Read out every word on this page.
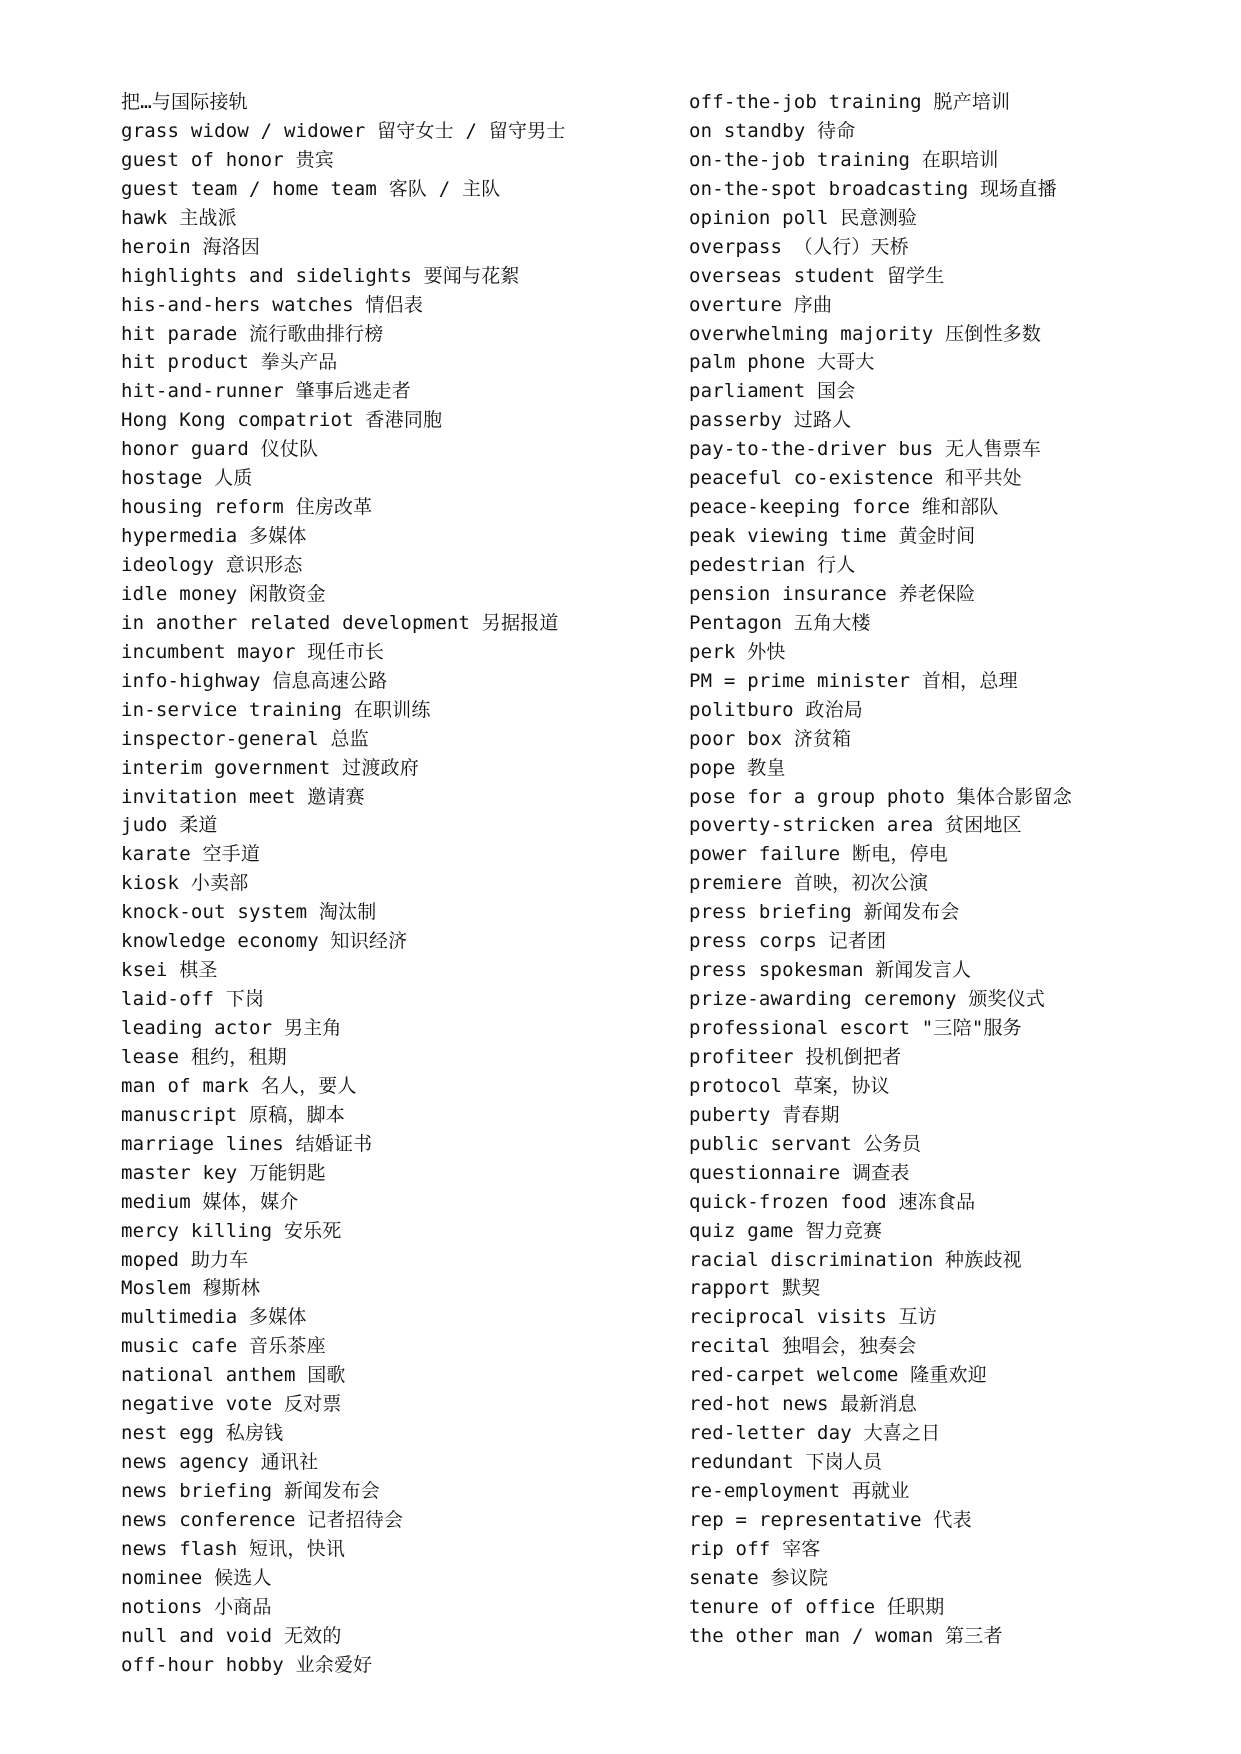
把…与国际接轨
grass widow / widower 留守女士 / 留守男士
guest of honor 贵宾
guest team / home team 客队 / 主队
hawk 主战派
heroin 海洛因
highlights and sidelights 要闻与花絮
his-and-hers watches 情侣表
hit parade 流行歌曲排行榜
hit product 拳头产品
hit-and-runner 肇事后逃走者
Hong Kong compatriot 香港同胞
honor guard 仪仗队
hostage 人质
housing reform 住房改革
hypermedia 多媒体
ideology 意识形态
idle money 闲散资金
in another related development 另据报道
incumbent mayor 现任市长
info-highway 信息高速公路
in-service training 在职训练
inspector-general 总监
interim government 过渡政府
invitation meet 邀请赛
judo 柔道
karate 空手道
kiosk 小卖部
knock-out system 淘汰制
knowledge economy 知识经济
ksei 棋圣
laid-off 下岗
leading actor 男主角
lease 租约，租期
man of mark 名人，要人
manuscript 原稿，脚本
marriage lines 结婚证书
master key 万能钥匙
medium 媒体，媒介
mercy killing 安乐死
moped 助力车
Moslem 穆斯林
multimedia 多媒体
music cafe 音乐茶座
national anthem 国歌
negative vote 反对票
nest egg 私房钱
news agency 通讯社
news briefing 新闻发布会
news conference 记者招待会
news flash 短讯，快讯
nominee 候选人
notions 小商品
null and void 无效的
off-hour hobby 业余爱好
off-the-job training 脱产培训
on standby 待命
on-the-job training 在职培训
on-the-spot broadcasting 现场直播
opinion poll 民意测验
overpass （人行）天桥
overseas student 留学生
overture 序曲
overwhelming majority 压倒性多数
palm phone 大哥大
parliament 国会
passerby 过路人
pay-to-the-driver bus 无人售票车
peaceful co-existence 和平共处
peace-keeping force 维和部队
peak viewing time 黄金时间
pedestrian 行人
pension insurance 养老保险
Pentagon 五角大楼
perk 外快
PM = prime minister 首相，总理
politburo 政治局
poor box 济贫箱
pope 教皇
pose for a group photo 集体合影留念
poverty-stricken area 贫困地区
power failure 断电，停电
premiere 首映，初次公演
press briefing 新闻发布会
press corps 记者团
press spokesman 新闻发言人
prize-awarding ceremony 颁奖仪式
professional escort "三陪"服务
profiteer 投机倒把者
protocol 草案，协议
puberty 青春期
public servant 公务员
questionnaire 调查表
quick-frozen food 速冻食品
quiz game 智力竞赛
racial discrimination 种族歧视
rapport 默契
reciprocal visits 互访
recital 独唱会，独奏会
red-carpet welcome 隆重欢迎
red-hot news 最新消息
red-letter day 大喜之日
redundant 下岗人员
re-employment 再就业
rep = representative 代表
rip off 宰客
senate 参议院
tenure of office 任职期
the other man / woman 第三者
